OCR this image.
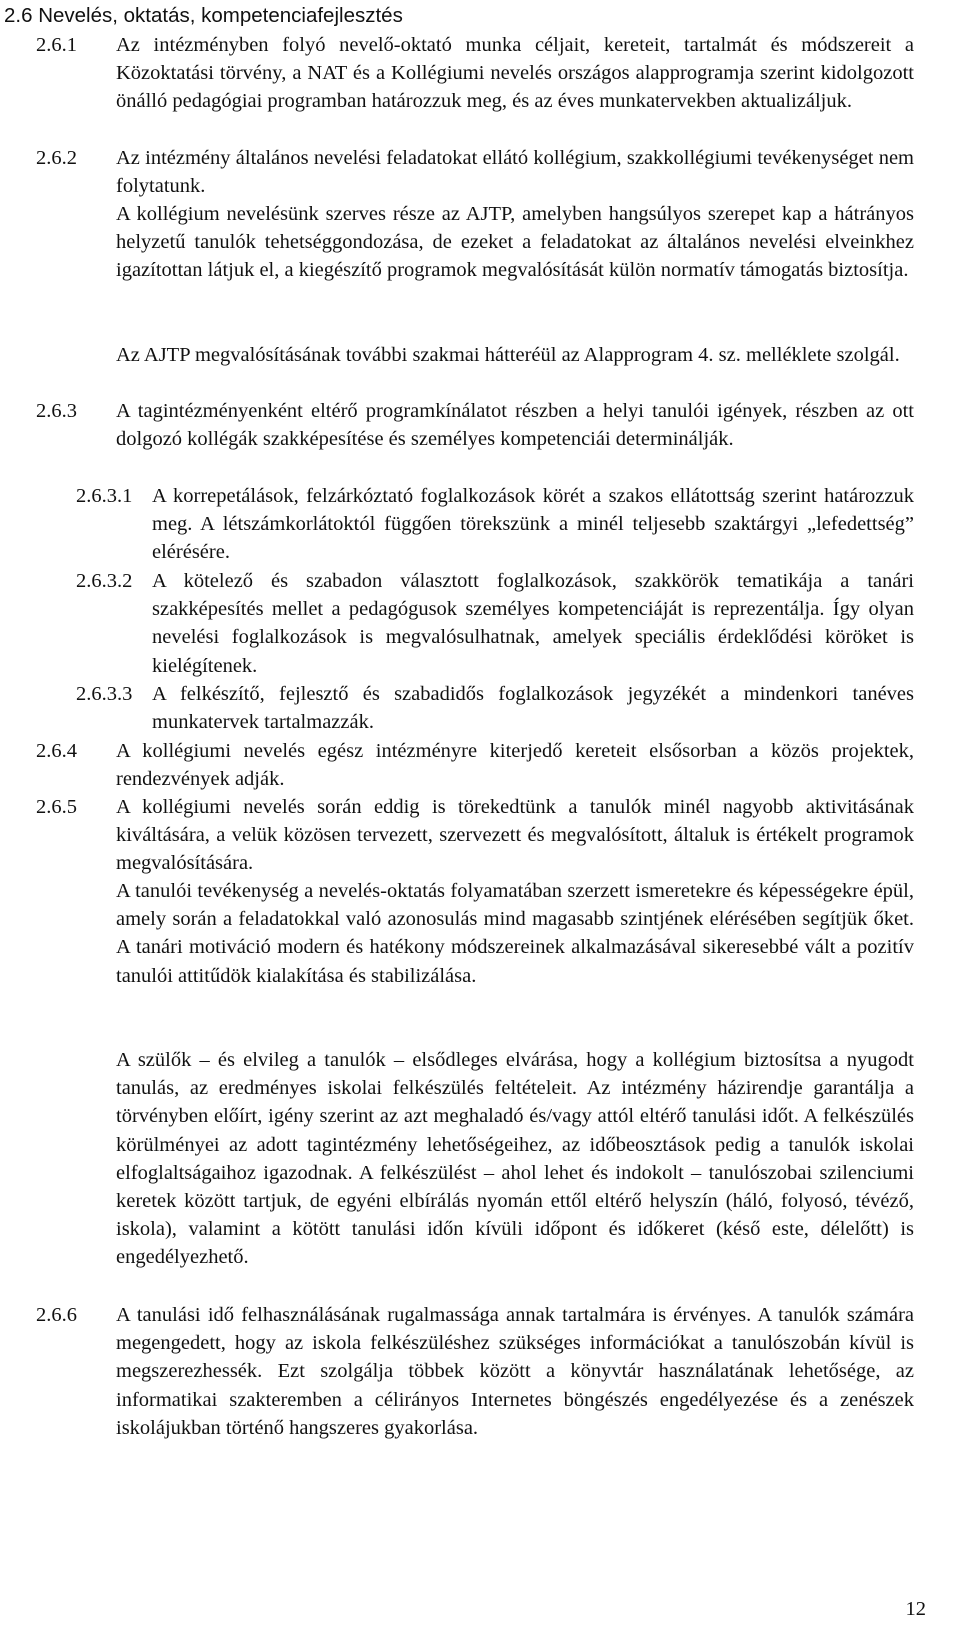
2.6 Nevelés, oktatás, kompetenciafejlesztés
2.6.1 Az intézményben folyó nevelő-oktató munka céljait, kereteit, tartalmát és módszereit a Közoktatási törvény, a NAT és a Kollégiumi nevelés országos alapprogramja szerint kidolgozott önálló pedagógiai programban határozzuk meg, és az éves munkatervekben aktualizáljuk.
2.6.2 Az intézmény általános nevelési feladatokat ellátó kollégium, szakkollégiumi tevékenységet nem folytatunk.
A kollégium nevelésünk szerves része az AJTP, amelyben hangsúlyos szerepet kap a hátrányos helyzetű tanulók tehetséggondozása, de ezeket a feladatokat az általános nevelési elveinkhez igazítottan látjuk el, a kiegészítő programok megvalósítását külön normatív támogatás biztosítja.
Az AJTP megvalósításának további szakmai hátteréül az Alapprogram 4. sz. melléklete szolgál.
2.6.3 A tagintézményenként eltérő programkínálatot részben a helyi tanulói igények, részben az ott dolgozó kollégák szakképesítése és személyes kompetenciái determinálják.
2.6.3.1 A korrepetálások, felzárkóztató foglalkozások körét a szakos ellátottság szerint határozzuk meg. A létszámkorlátoktól függően törekszünk a minél teljesebb szaktárgyi „lefedettség” elérésére.
2.6.3.2 A kötelező és szabadon választott foglalkozások, szakkörök tematikája a tanári szakképesítés mellet a pedagógusok személyes kompetenciáját is reprezentálja. Így olyan nevelési foglalkozások is megvalósulhatnak, amelyek speciális érdeklődési köröket is kielégítenek.
2.6.3.3 A felkészítő, fejlesztő és szabadidős foglalkozások jegyzékét a mindenkori tanéves munkatervek tartalmazzák.
2.6.4 A kollégiumi nevelés egész intézményre kiterjedő kereteit elsősorban a közös projektek, rendezvények adják.
2.6.5 A kollégiumi nevelés során eddig is törekedtünk a tanulók minél nagyobb aktivitásának kiváltására, a velük közösen tervezett, szervezett és megvalósított, általuk is értékelt programok megvalósítására.
A tanulói tevékenység a nevelés-oktatás folyamatában szerzett ismeretekre és képességekre épül, amely során a feladatokkal való azonosulás mind magasabb szintjének elérésében segítjük őket. A tanári motiváció modern és hatékony módszereinek alkalmazásával sikeresebbé vált a pozitív tanulói attitűdök kialakítása és stabilizálása.
A szülők – és elvileg a tanulók – elsődleges elvárása, hogy a kollégium biztosítsa a nyugodt tanulás, az eredményes iskolai felkészülés feltételeit. Az intézmény házirendje garantálja a törvényben előírt, igény szerint az azt meghaladó és/vagy attól eltérő tanulási időt. A felkészülés körülményei az adott tagintézmény lehetőségeihez, az időbeosztások pedig a tanulók iskolai elfoglaltságaihoz igazodnak. A felkészülést – ahol lehet és indokolt – tanulószobai szilenciumi keretek között tartjuk, de egyéni elbírálás nyomán ettől eltérő helyszín (háló, folyosó, tévéző, iskola), valamint a kötött tanulási időn kívüli időpont és időkeret (késő este, délelőtt) is engedélyezhető.
2.6.6 A tanulási idő felhasználásának rugalmassága annak tartalmára is érvényes. A tanulók számára megengedett, hogy az iskola felkészüléshez szükséges információkat a tanulószobán kívül is megszerezhessék. Ezt szolgálja többek között a könyvtár használatának lehetősége, az informatikai szakteremben a célirányos Internetes böngészés engedélyezése és a zenészek iskolájukban történő hangszeres gyakorlása.
12
